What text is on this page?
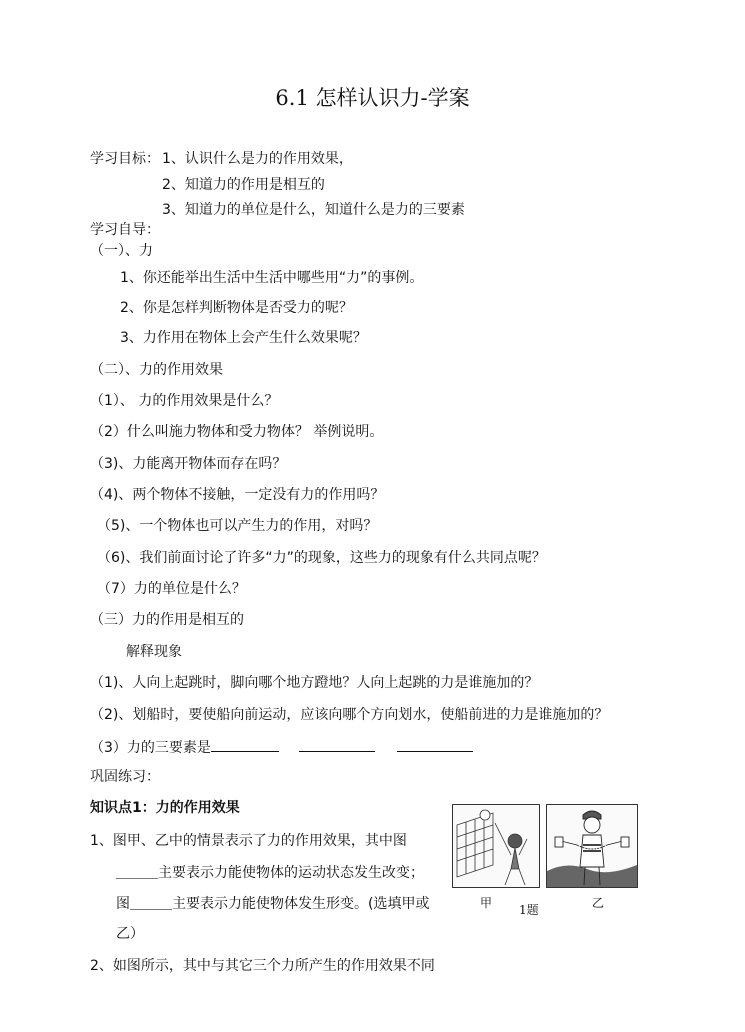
6.1 怎样认识力-学案
学习目标： 1、认识什么是力的作用效果，
2、知道力的作用是相互的
3、知道力的单位是什么，知道什么是力的三要素
学习自导：
（一）、力
1、你还能举出生活中生活中哪些用“力”的事例。
2、你是怎样判断物体是否受力的呢？
3、力作用在物体上会产生什么效果呢？
（二）、力的作用效果
（1）、 力的作用效果是什么？
（2）什么叫施力物体和受力物体？ 举例说明。
（3)、力能离开物体而存在吗？
（4)、两个物体不接触，一定没有力的作用吗？
（5)、一个物体也可以产生力的作用，对吗？
（6)、我们前面讨论了许多“力”的现象，这些力的现象有什么共同点呢？
（7）力的单位是什么？
（三）力的作用是相互的
解释现象
（1)、人向上起跳时，脚向哪个地方蹬地？人向上起跳的力是谁施加的？
（2)、划船时，要使船向前运动，应该向哪个方向划水，使船前进的力是谁施加的？
（3）力的三要素是
巩固练习：
知识点1：力的作用效果
1、图甲、乙中的情景表示了力的作用效果，其中图
＿＿＿主要表示力能使物体的运动状态发生改变；
图＿＿＿主要表示力能使物体发生形变。(选填甲或
乙）
甲 1题	乙
2、如图所示，其中与其它三个力所产生的作用效果不同
